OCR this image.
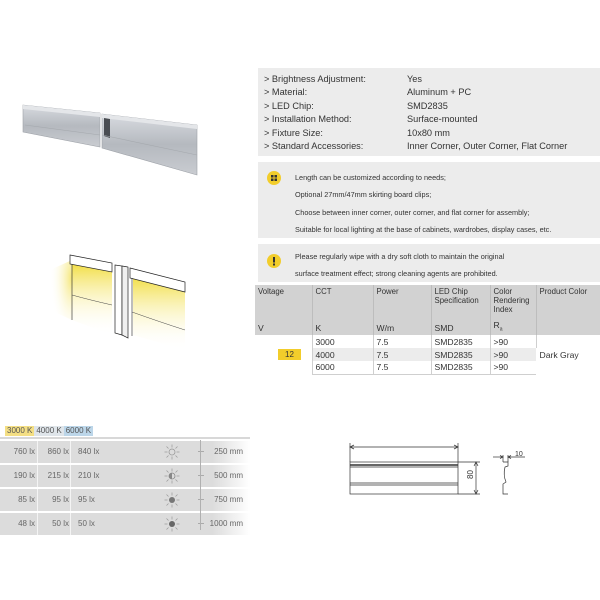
> Brightness Adjustment:	Yes
> Material:	Aluminum + PC
> LED Chip:	SMD2835
> Installation Method:	Surface-mounted
> Fixture Size:	10x80 mm
> Standard Accessories:	Inner Corner, Outer Corner, Flat Corner
Length can be customized according to needs;
Optional 27mm/47mm skirting board clips;
Choose between inner corner, outer corner, and flat corner for assembly;
Suitable for local lighting at the base of cabinets, wardrobes, display cases, etc.
Please regularly wipe with a dry soft cloth to maintain the original
surface treatment effect; strong cleaning agents are prohibited.
Voltage	CCT	Power	LED Chip Specification	Color Rendering Index	Product Color
V	K	W/m	SMD	$R_a$	
12	3000	7.5	SMD2835	>90	Dark Gray
	4000	7.5	SMD2835	>90	
	6000	7.5	SMD2835	>90	
3000 K 4000 K 6000 K
760 lx	860 lx	840 lx	250 mm
190 lx	215 lx	210 lx	500 mm
85 lx	95 lx	95 lx	750 mm
48 lx	50 lx	50 lx	1000 mm
80
10
